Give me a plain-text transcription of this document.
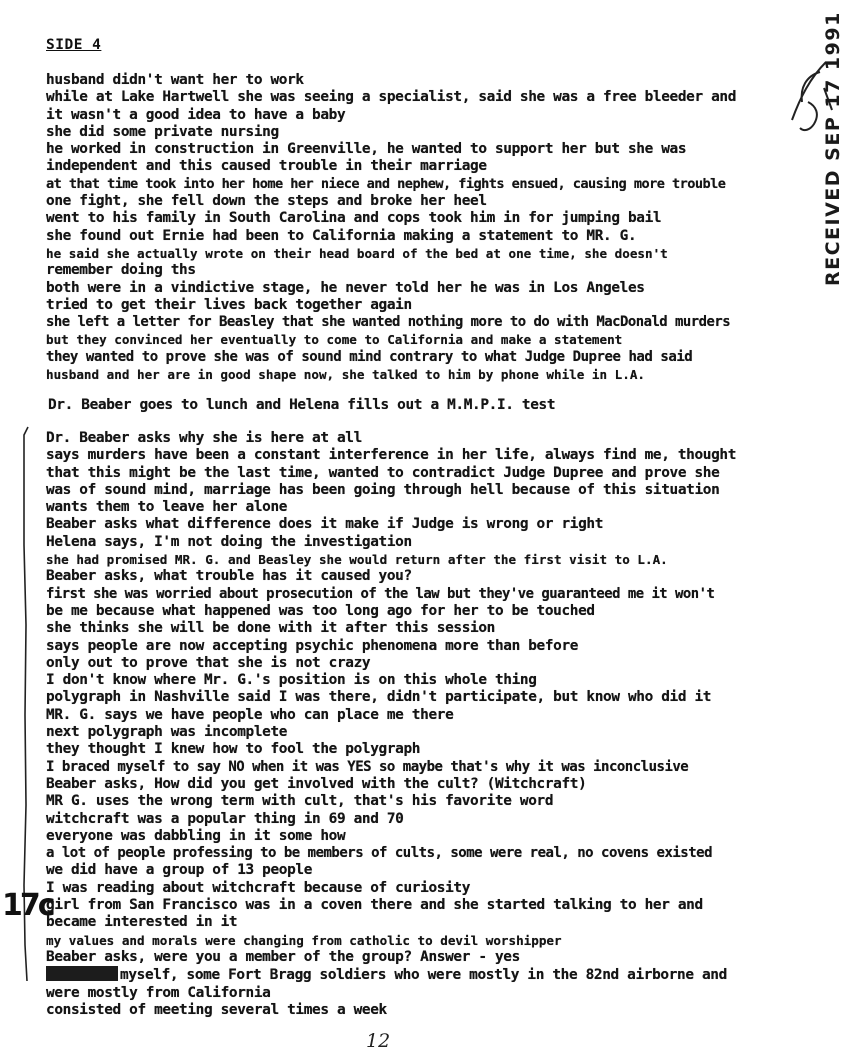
SIDE 4
husband didn't want her to work
while at Lake Hartwell she was seeing a specialist, said she was a free bleeder and
it wasn't a good idea to have a baby
she did some private nursing
he worked in construction in Greenville, he wanted to support her but she was
independent and this caused trouble in their marriage
at that time took into her home her niece and nephew, fights ensued, causing more trouble
one fight, she fell down the steps and broke her heel
went to his family in South Carolina and cops took him in for jumping bail
she found out Ernie had been to California making a statement to MR. G.
he said she actually wrote on their head board of the bed at one time, she doesn't
remember doing ths
both were in a vindictive stage, he never told her he was in Los Angeles
tried to get their lives back together again
she left a letter for Beasley that she wanted nothing more to do with MacDonald murders
but they convinced her eventually to come to California and make a statement
they wanted to prove she was of sound mind contrary to what Judge Dupree had said
husband and her are in good shape now, she talked to him by phone while in L.A.
Dr. Beaber goes to lunch and Helena fills out a M.M.P.I. test
Dr. Beaber asks why she is here at all
says murders have been a constant interference in her life, always find me, thought
that this might be the last time, wanted to contradict Judge Dupree and prove she
was of sound mind, marriage has been going through hell because of this situation
wants them to leave her alone
Beaber asks what difference does it make if Judge is wrong or right
Helena says, I'm not doing the investigation
she had promised MR. G. and Beasley she would return after the first visit to L.A.
Beaber asks, what trouble has it caused you?
first she was worried about prosecution of the law but they've guaranteed me it won't
be me because what happened was too long ago for her to be touched
she thinks she will be done with it after this session
says people are now accepting psychic phenomena more than before
only out to prove that she is not crazy
I don't know where Mr. G.'s position is on this whole thing
polygraph in Nashville said I was there, didn't participate, but know who did it
MR. G. says we have people who can place me there
next polygraph was incomplete
they thought I knew how to fool the polygraph
I braced myself to say NO when it was YES so maybe that's why it was inconclusive
Beaber asks, How did you get involved with the cult? (Witchcraft)
MR G. uses the wrong term with cult, that's his favorite word
witchcraft was a popular thing in 69 and 70
everyone was dabbling in it some how
a lot of people professing to be members of cults, some were real, no covens existed
we did have a group of 13 people
I was reading about witchcraft because of curiosity
girl from San Francisco was in a coven there and she started talking to her and
became interested in it
my values and morals were changing from catholic to devil worshipper
Beaber asks, were you a member of the group? Answer - yes
myself, some Fort Bragg soldiers who were mostly in the 82nd airborne and
were mostly from California
consisted of meeting several times a week
RECEIVED SEP 17 1991
17c
12
